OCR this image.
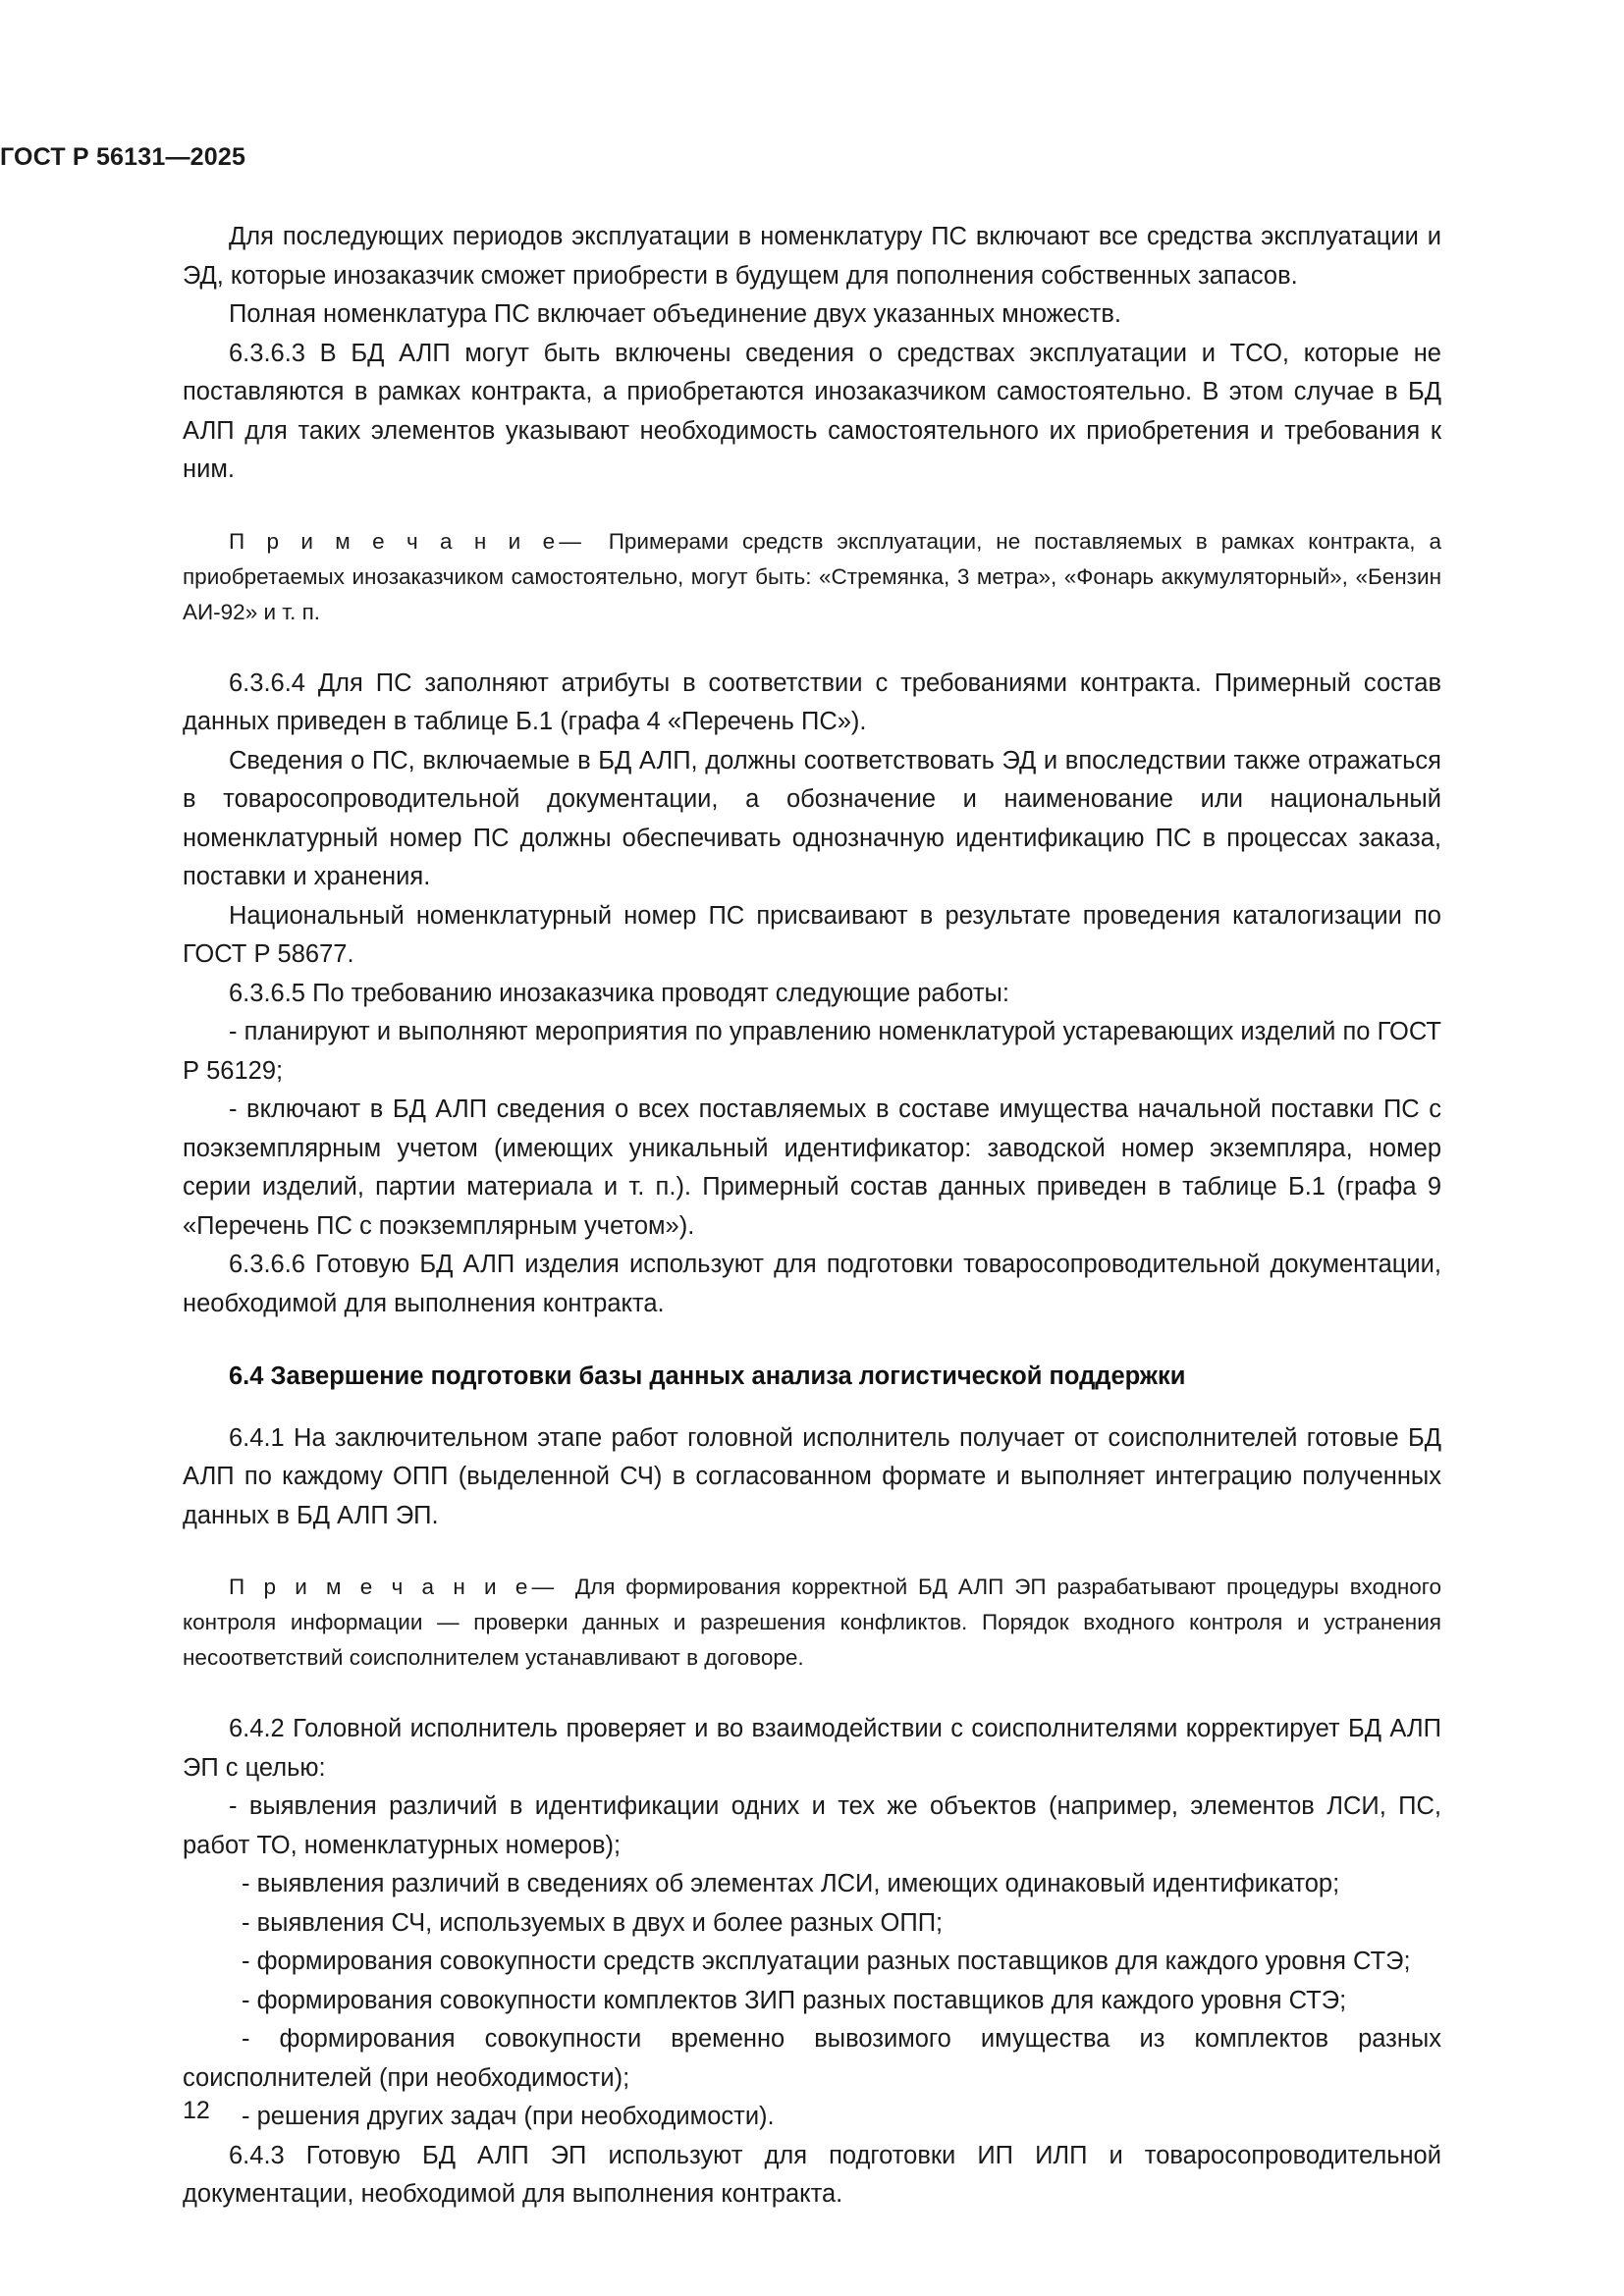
ГОСТ Р 56131—2025

Для последующих периодов эксплуатации в номенклатуру ПС включают все средства эксплуатации и ЭД, которые инозаказчик сможет приобрести в будущем для пополнения собственных запасов.

Полная номенклатура ПС включает объединение двух указанных множеств.

6.3.6.3 В БД АЛП могут быть включены сведения о средствах эксплуатации и ТСО, которые не поставляются в рамках контракта, а приобретаются инозаказчиком самостоятельно. В этом случае в БД АЛП для таких элементов указывают необходимость самостоятельного их приобретения и требования к ним.

П р и м е ч а н и е— Примерами средств эксплуатации, не поставляемых в рамках контракта, а приобретаемых инозаказчиком самостоятельно, могут быть: «Стремянка, 3 метра», «Фонарь аккумуляторный», «Бензин АИ-92» и т. п.

6.3.6.4 Для ПС заполняют атрибуты в соответствии с требованиями контракта. Примерный состав данных приведен в таблице Б.1 (графа 4 «Перечень ПС»).

Сведения о ПС, включаемые в БД АЛП, должны соответствовать ЭД и впоследствии также отражаться в товаросопроводительной документации, а обозначение и наименование или национальный номенклатурный номер ПС должны обеспечивать однозначную идентификацию ПС в процессах заказа, поставки и хранения.

Национальный номенклатурный номер ПС присваивают в результате проведения каталогизации по ГОСТ Р 58677.

6.3.6.5 По требованию инозаказчика проводят следующие работы:

- планируют и выполняют мероприятия по управлению номенклатурой устаревающих изделий по ГОСТ Р 56129;

- включают в БД АЛП сведения о всех поставляемых в составе имущества начальной поставки ПС с поэкземплярным учетом (имеющих уникальный идентификатор: заводской номер экземпляра, номер серии изделий, партии материала и т. п.). Примерный состав данных приведен в таблице Б.1 (графа 9 «Перечень ПС с поэкземплярным учетом»).

6.3.6.6 Готовую БД АЛП изделия используют для подготовки товаросопроводительной документации, необходимой для выполнения контракта.

6.4 Завершение подготовки базы данных анализа логистической поддержки

6.4.1 На заключительном этапе работ головной исполнитель получает от соисполнителей готовые БД АЛП по каждому ОПП (выделенной СЧ) в согласованном формате и выполняет интеграцию полученных данных в БД АЛП ЭП.

П р и м е ч а н и е— Для формирования корректной БД АЛП ЭП разрабатывают процедуры входного контроля информации — проверки данных и разрешения конфликтов. Порядок входного контроля и устранения несоответствий соисполнителем устанавливают в договоре.

6.4.2 Головной исполнитель проверяет и во взаимодействии с соисполнителями корректирует БД АЛП ЭП с целью:

- выявления различий в идентификации одних и тех же объектов (например, элементов ЛСИ, ПС, работ ТО, номенклатурных номеров);

- выявления различий в сведениях об элементах ЛСИ, имеющих одинаковый идентификатор;

- выявления СЧ, используемых в двух и более разных ОПП;

- формирования совокупности средств эксплуатации разных поставщиков для каждого уровня СТЭ;

- формирования совокупности комплектов ЗИП разных поставщиков для каждого уровня СТЭ;

- формирования совокупности временно вывозимого имущества из комплектов разных соисполнителей (при необходимости);

- решения других задач (при необходимости).

6.4.3 Готовую БД АЛП ЭП используют для подготовки ИП ИЛП и товаросопроводительной документации, необходимой для выполнения контракта.

12
